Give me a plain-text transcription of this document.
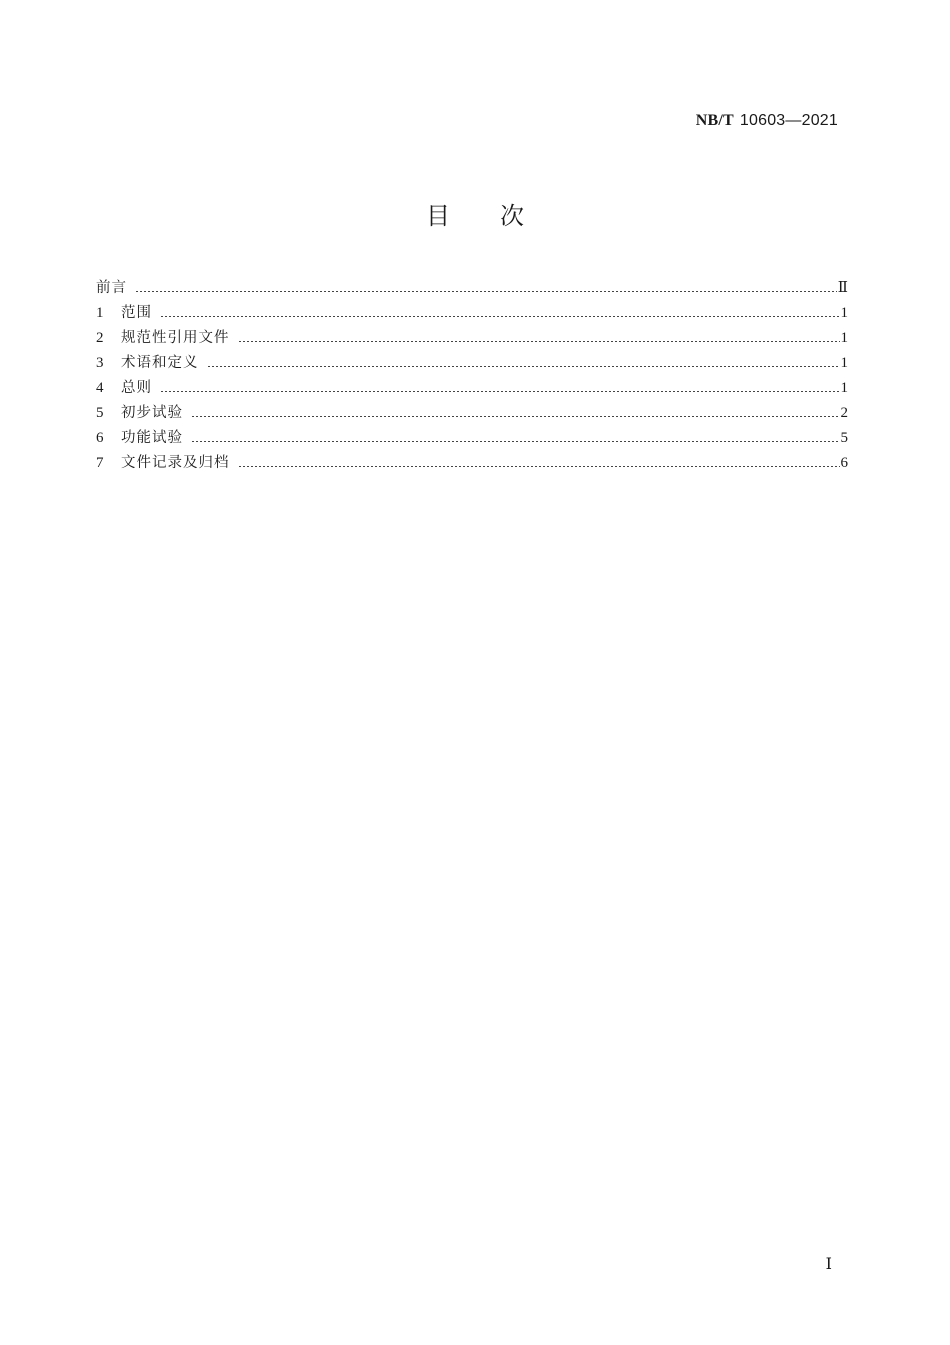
NB/T 10603—2021
目次
前言	Ⅱ
1	范围	1
2	规范性引用文件	1
3	术语和定义	1
4	总则	1
5	初步试验	2
6	功能试验	5
7	文件记录及归档	6
Ⅰ
